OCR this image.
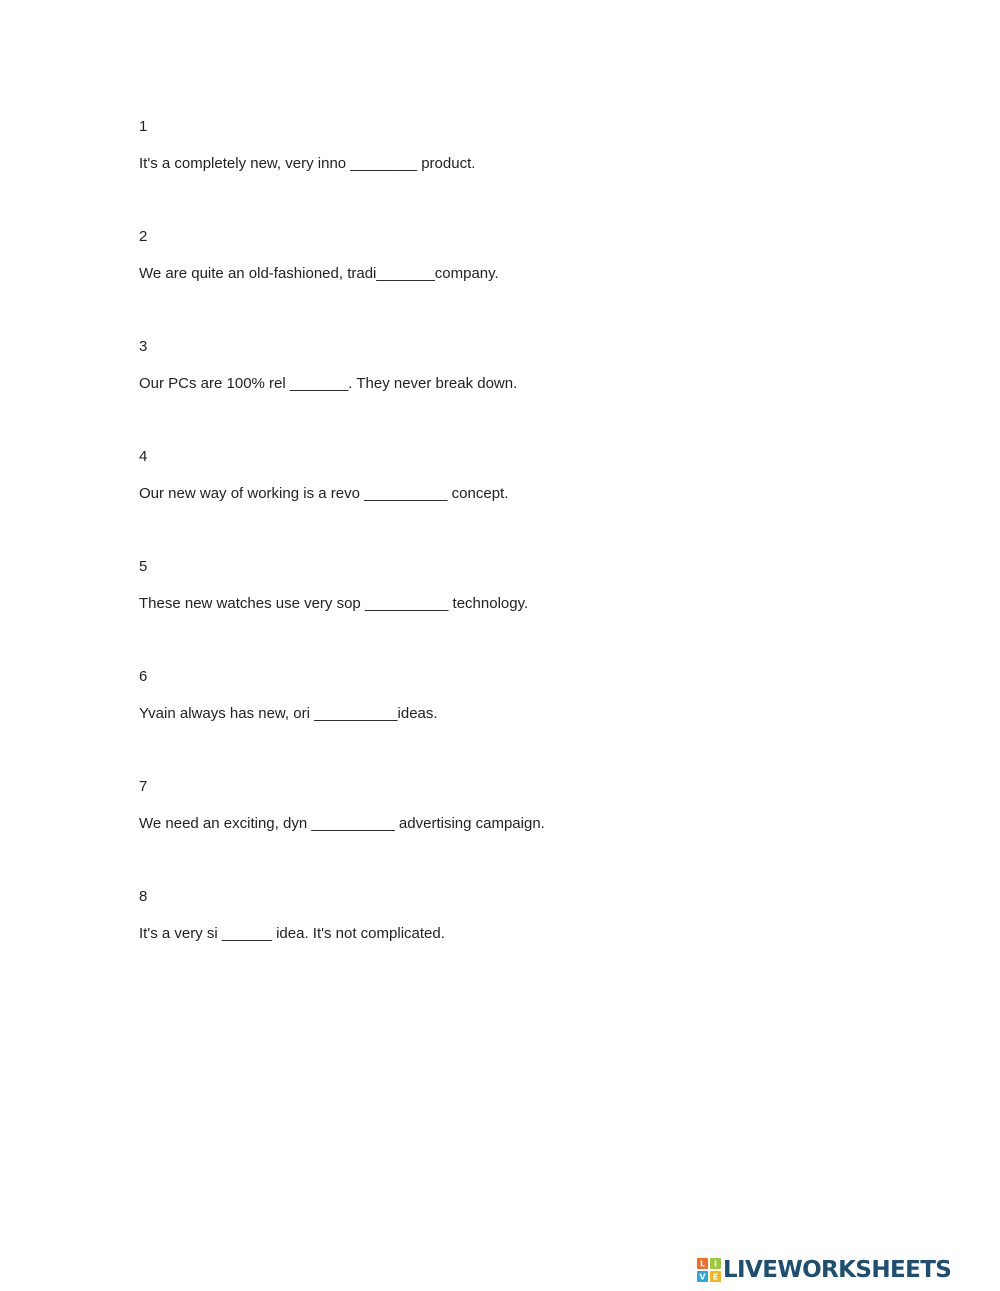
1
It's a completely new, very inno ________ product.
2
We are quite an old-fashioned, tradi_______company.
3
Our PCs are 100% rel _______. They never break down.
4
Our new way of working is a revo __________ concept.
5
These new watches use very sop __________ technology.
6
Yvain always has new, ori __________ideas.
7
We need an exciting, dyn __________ advertising campaign.
8
It's a very si ______ idea. It's not complicated.
L I
V E LIVEWORKSHEETS
